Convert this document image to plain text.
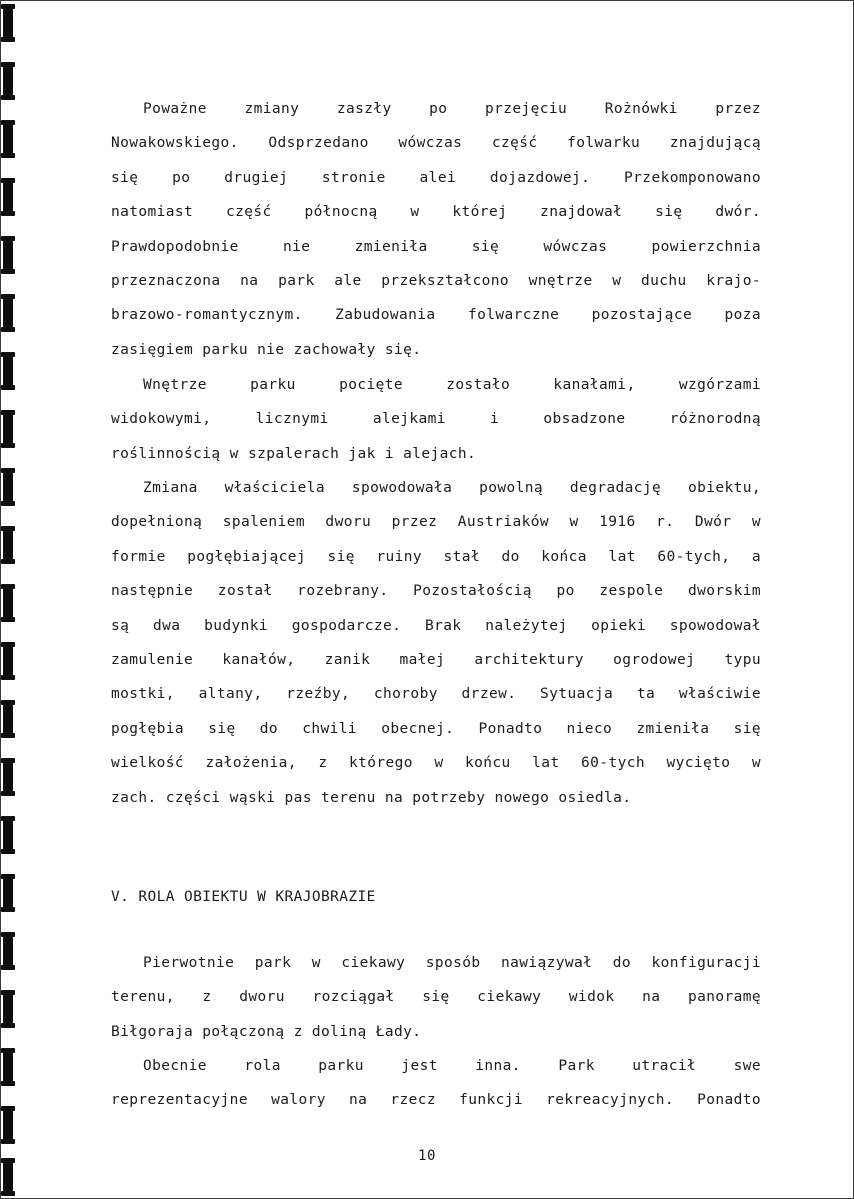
Poważne zmiany zaszły po przejęciu Rożnówki przez
Nowakowskiego. Odsprzedano wówczas część folwarku znajdującą
się po drugiej stronie alei dojazdowej. Przekomponowano
natomiast część północną w której znajdował się dwór.
Prawdopodobnie nie zmieniła się wówczas powierzchnia
przeznaczona na park ale przekształcono wnętrze w duchu krajo-
brazowo-romantycznym. Zabudowania folwarczne pozostające poza
zasięgiem parku nie zachowały się.
Wnętrze parku pocięte zostało kanałami, wzgórzami
widokowymi, licznymi alejkami i obsadzone różnorodną
roślinnością w szpalerach jak i alejach.
Zmiana właściciela spowodowała powolną degradację obiektu,
dopełnioną spaleniem dworu przez Austriaków w 1916 r. Dwór w
formie pogłębiającej się ruiny stał do końca lat 60-tych, a
następnie został rozebrany. Pozostałością po zespole dworskim
są dwa budynki gospodarcze. Brak należytej opieki spowodował
zamulenie kanałów, zanik małej architektury ogrodowej typu
mostki, altany, rzeźby, choroby drzew. Sytuacja ta właściwie
pogłębia się do chwili obecnej. Ponadto nieco zmieniła się
wielkość założenia, z którego w końcu lat 60-tych wycięto w
zach. części wąski pas terenu na potrzeby nowego osiedla.
V. ROLA OBIEKTU W KRAJOBRAZIE
Pierwotnie park w ciekawy sposób nawiązywał do konfiguracji
terenu, z dworu rozciągał się ciekawy widok na panoramę
Biłgoraja połączoną z doliną Łady.
Obecnie rola parku jest inna. Park utracił swe
reprezentacyjne walory na rzecz funkcji rekreacyjnych. Ponadto
10
